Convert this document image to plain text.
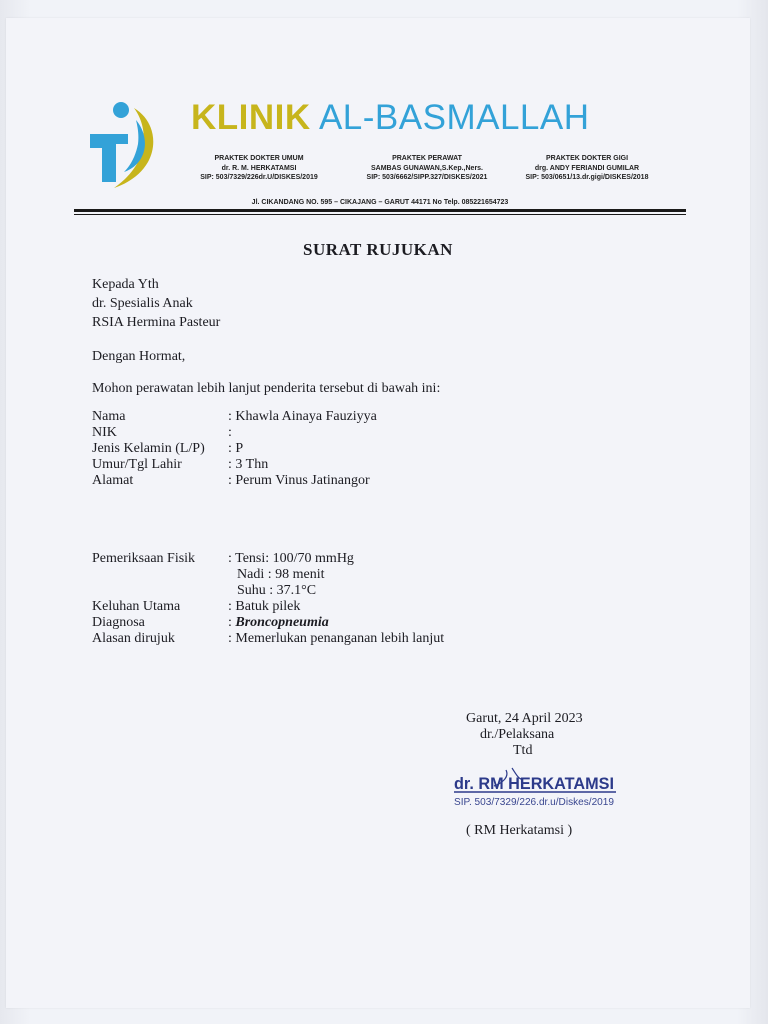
KLINIK AL-BASMALLAH
PRAKTEK DOKTER UMUM
dr. R. M. HERKATAMSI
SIP: 503/7329/226dr.U/DISKES/2019
PRAKTEK PERAWAT
SAMBAS GUNAWAN,S.Kep.,Ners.
SIP: 503/6662/SIPP.327/DISKES/2021
PRAKTEK DOKTER GIGI
drg. ANDY FERIANDI GUMILAR
SIP: 503/0651/13.dr.gigi/DISKES/2018
Jl. CIKANDANG NO. 595 – CIKAJANG – GARUT 44171 No Telp. 085221654723
SURAT RUJUKAN
Kepada Yth
dr. Spesialis Anak
RSIA Hermina Pasteur
Dengan Hormat,
Mohon perawatan lebih lanjut penderita tersebut di bawah ini:
Nama	: Khawla Ainaya Fauziyya
NIK	:
Jenis Kelamin (L/P) : P
Umur/Tgl Lahir	: 3 Thn
Alamat	: Perum Vinus Jatinangor
Pemeriksaan Fisik : Tensi: 100/70 mmHg
Nadi : 98 menit
Suhu : 37.1°C
Keluhan Utama	: Batuk pilek
Diagnosa	: Broncopneumia
Alasan dirujuk	: Memerlukan penanganan lebih lanjut
Garut, 24 April 2023
dr./Pelaksana
Ttd
dr. RM HERKATAMSI
SIP. 503/7329/226.dr.u/Diskes/2019
( RM Herkatamsi )
